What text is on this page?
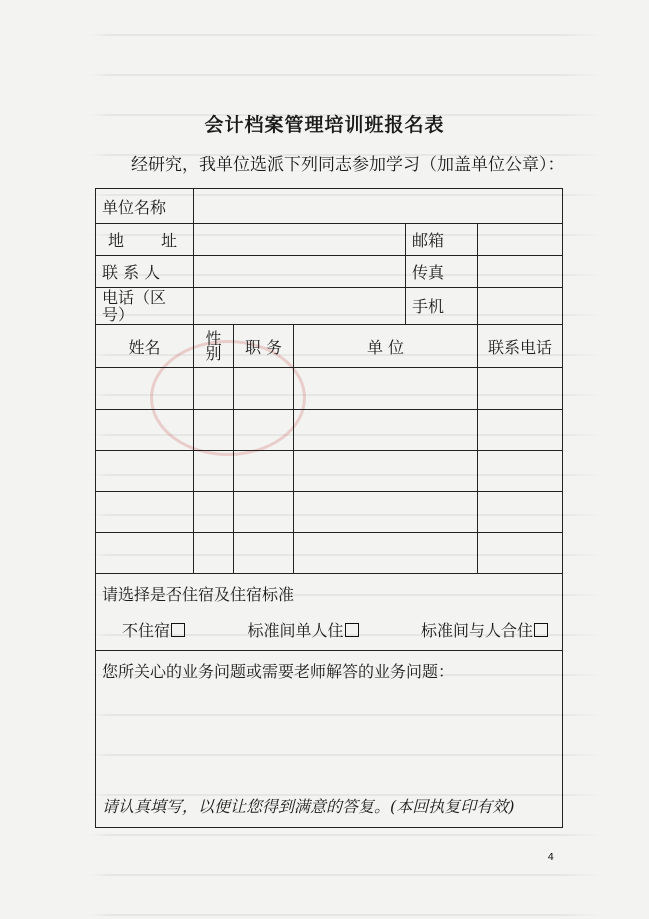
会计档案管理培训班报名表
经研究，我单位选派下列同志参加学习（加盖单位公章）：
单位名称					

地 址				邮箱	
联 系 人				传真	
电话（区号）				手机	
姓名	性别	职 务	单 位		联系电话

请选择是否住宿及住宿标准					

不住宿 标准间单人住 标准间与人合住					

您所关心的业务问题或需要老师解答的业务问题：
请认真填写，以便让您得到满意的答复。(本回执复印有效)					
4
